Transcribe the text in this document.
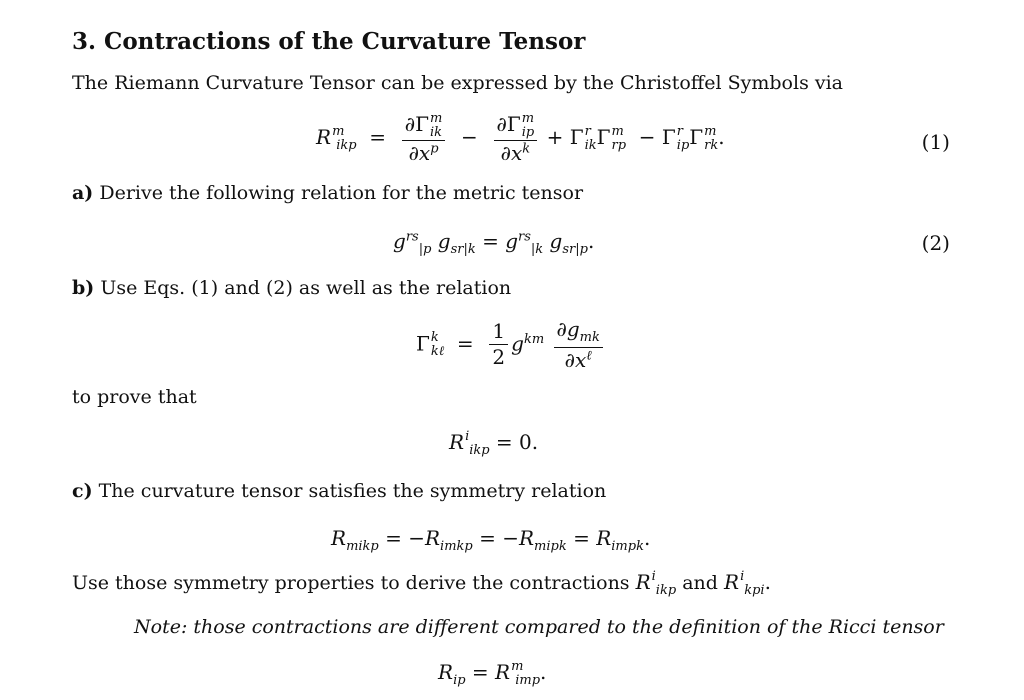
3. Contractions of the Curvature Tensor
The Riemann Curvature Tensor can be expressed by the Christoffel Symbols via
R m
ikp = ∂Γ m
ik
$\partial x^p - \partial\Gamma$ m
ip
$\partial x^k + \Gamma$ r
ik Γ m
rp − Γ r
ip Γ m
rk .	(1)
a) Derive the following relation for the metric tensor
$g^{rs}_{|p}$ $g_{sr|k} = g^{rs}_{|k}$ $g_{sr|p}$.	(2)
b) Use Eqs. (1) and (2) as well as the relation
Γ k
kℓ = $\frac{1}{2} g^{km} \frac{\partial g_{mk}}{\partial x^\ell}$
to prove that
R i
ikp = 0.
c) The curvature tensor satisfies the symmetry relation
$R_{mikp} = -R_{imkp} = -R_{mipk} = R_{impk}$.
Use those symmetry properties to derive the contractions R i
ikp and R i
kpi .
Note: those contractions are different compared to the definition of the Ricci tensor
$R_{ip} = R$ m
imp .
